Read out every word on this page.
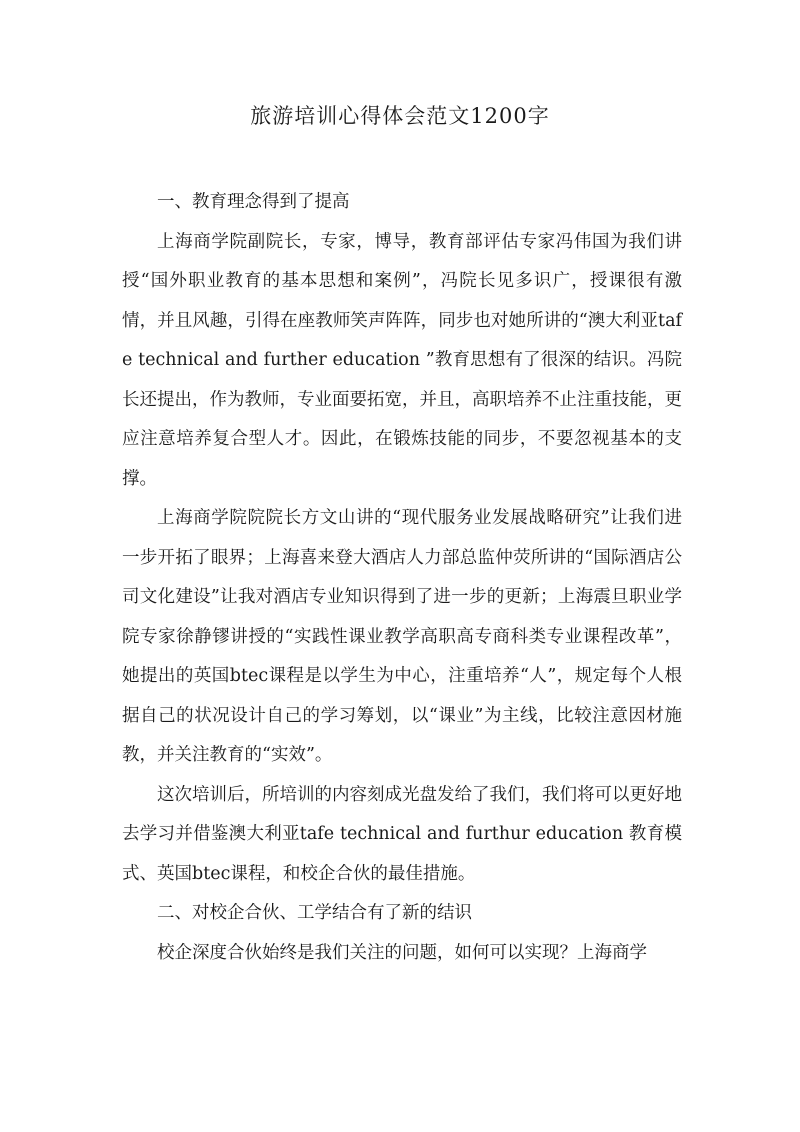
旅游培训心得体会范文1200字

一、教育理念得到了提高

上海商学院副院长，专家，博导，教育部评估专家冯伟国为我们讲授“国外职业教育的基本思想和案例”，冯院长见多识广，授课很有激情，并且风趣，引得在座教师笑声阵阵，同步也对她所讲的“澳大利亚tafe technical and further education ”教育思想有了很深的结识。冯院长还提出，作为教师，专业面要拓宽，并且，高职培养不止注重技能，更应注意培养复合型人才。因此，在锻炼技能的同步，不要忽视基本的支撑。

上海商学院院院长方文山讲的“现代服务业发展战略研究”让我们进一步开拓了眼界；上海喜来登大酒店人力部总监仲荧所讲的“国际酒店公司文化建设”让我对酒店专业知识得到了进一步的更新；上海震旦职业学院专家徐静镠讲授的“实践性课业教学高职高专商科类专业课程改革”，她提出的英国btec课程是以学生为中心，注重培养“人”，规定每个人根据自己的状况设计自己的学习筹划，以“课业”为主线，比较注意因材施教，并关注教育的“实效”。

这次培训后，所培训的内容刻成光盘发给了我们，我们将可以更好地去学习并借鉴澳大利亚tafe technical and furthur education 教育模式、英国btec课程，和校企合伙的最佳措施。

二、对校企合伙、工学结合有了新的结识

校企深度合伙始终是我们关注的问题，如何可以实现？上海商学
